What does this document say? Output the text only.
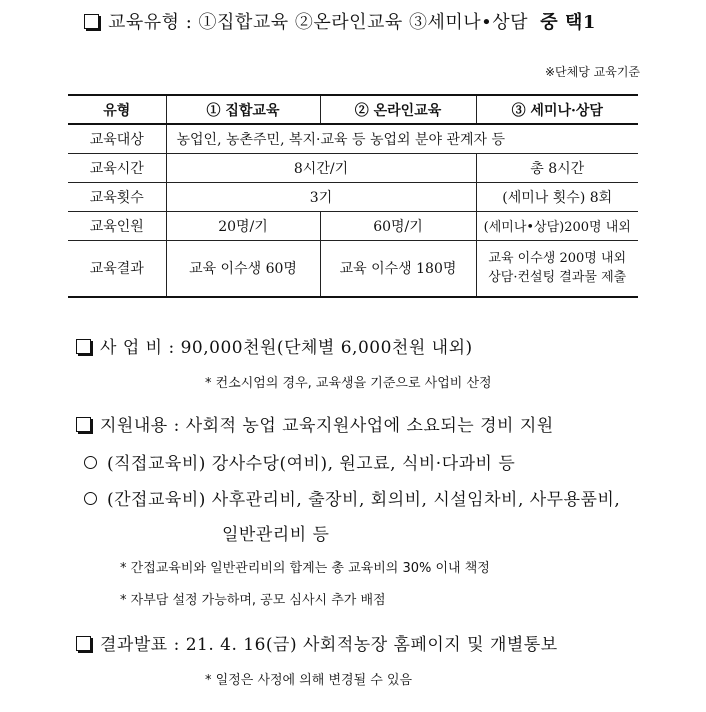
교육유형 : ①집합교육 ②온라인교육 ③세미나•상담 중 택1
※단체당 교육기준
유형	① 집합교육	② 온라인교육	③ 세미나·상담
교육대상	농업인, 농촌주민, 복지·교육 등 농업외 분야 관계자 등		
교육시간	8시간/기		총 8시간
교육횟수	3기		(세미나 횟수) 8회
교육인원	20명/기	60명/기	(세미나•상담)200명 내외
교육결과	교육 이수생 60명	교육 이수생 180명	교육 이수생 200명 내외
상담·컨설팅 결과물 제출
사 업 비 : 90,000천원(단체별 6,000천원 내외)
* 컨소시엄의 경우, 교육생을 기준으로 사업비 산정
지원내용 : 사회적 농업 교육지원사업에 소요되는 경비 지원
(직접교육비) 강사수당(여비), 원고료, 식비·다과비 등
(간접교육비) 사후관리비, 출장비, 회의비, 시설임차비, 사무용품비,
일반관리비 등
* 간접교육비와 일반관리비의 합계는 총 교육비의 30% 이내 책정
* 자부담 설정 가능하며, 공모 심사시 추가 배점
결과발표 : 21. 4. 16(금) 사회적농장 홈페이지 및 개별통보
* 일정은 사정에 의해 변경될 수 있음
